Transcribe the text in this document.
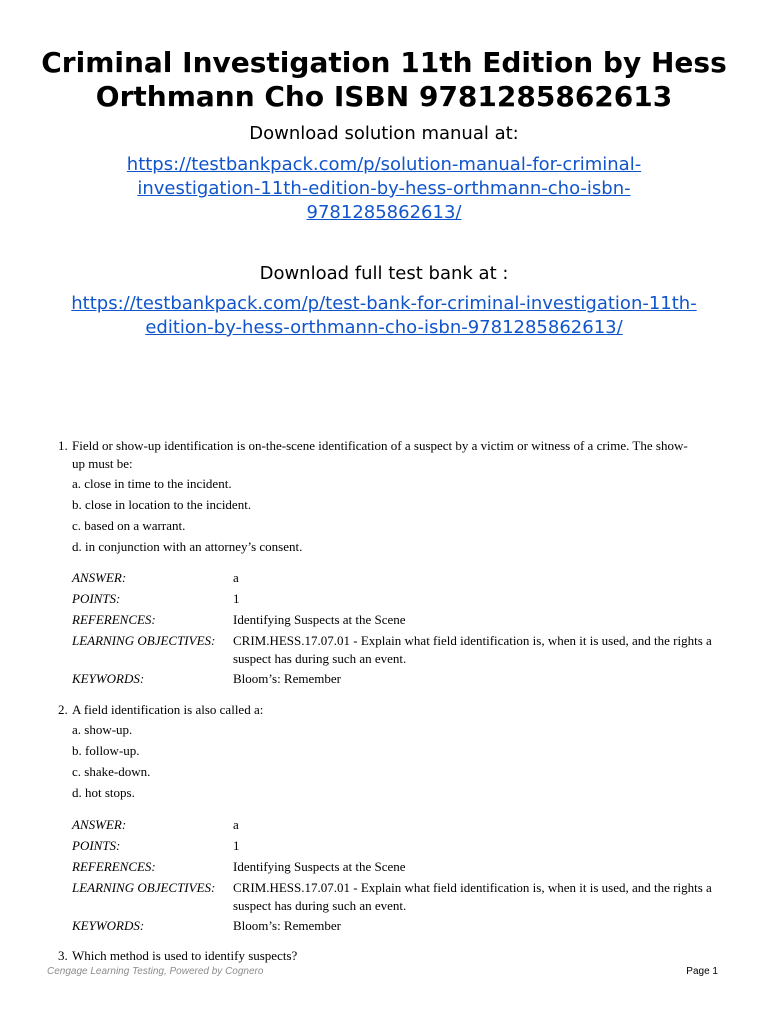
Criminal Investigation 11th Edition by Hess Orthmann Cho ISBN 9781285862613
Download solution manual at:
https://testbankpack.com/p/solution-manual-for-criminal-investigation-11th-edition-by-hess-orthmann-cho-isbn-9781285862613/
Download full test bank at :
https://testbankpack.com/p/test-bank-for-criminal-investigation-11th-edition-by-hess-orthmann-cho-isbn-9781285862613/
1. Field or show-up identification is on-the-scene identification of a suspect by a victim or witness of a crime. The show-up must be:
a. close in time to the incident.
b. close in location to the incident.
c. based on a warrant.
d. in conjunction with an attorney’s consent.
ANSWER:	a
POINTS:	1
REFERENCES:	Identifying Suspects at the Scene
LEARNING OBJECTIVES: CRIM.HESS.17.07.01 - Explain what field identification is, when it is used, and the rights a suspect has during such an event.
KEYWORDS:	Bloom’s: Remember
2. A field identification is also called a:
a. show-up.
b. follow-up.
c. shake-down.
d. hot stops.
ANSWER:	a
POINTS:	1
REFERENCES:	Identifying Suspects at the Scene
LEARNING OBJECTIVES: CRIM.HESS.17.07.01 - Explain what field identification is, when it is used, and the rights a suspect has during such an event.
KEYWORDS:	Bloom’s: Remember
3. Which method is used to identify suspects?
Cengage Learning Testing, Powered by Cognero	Page 1
